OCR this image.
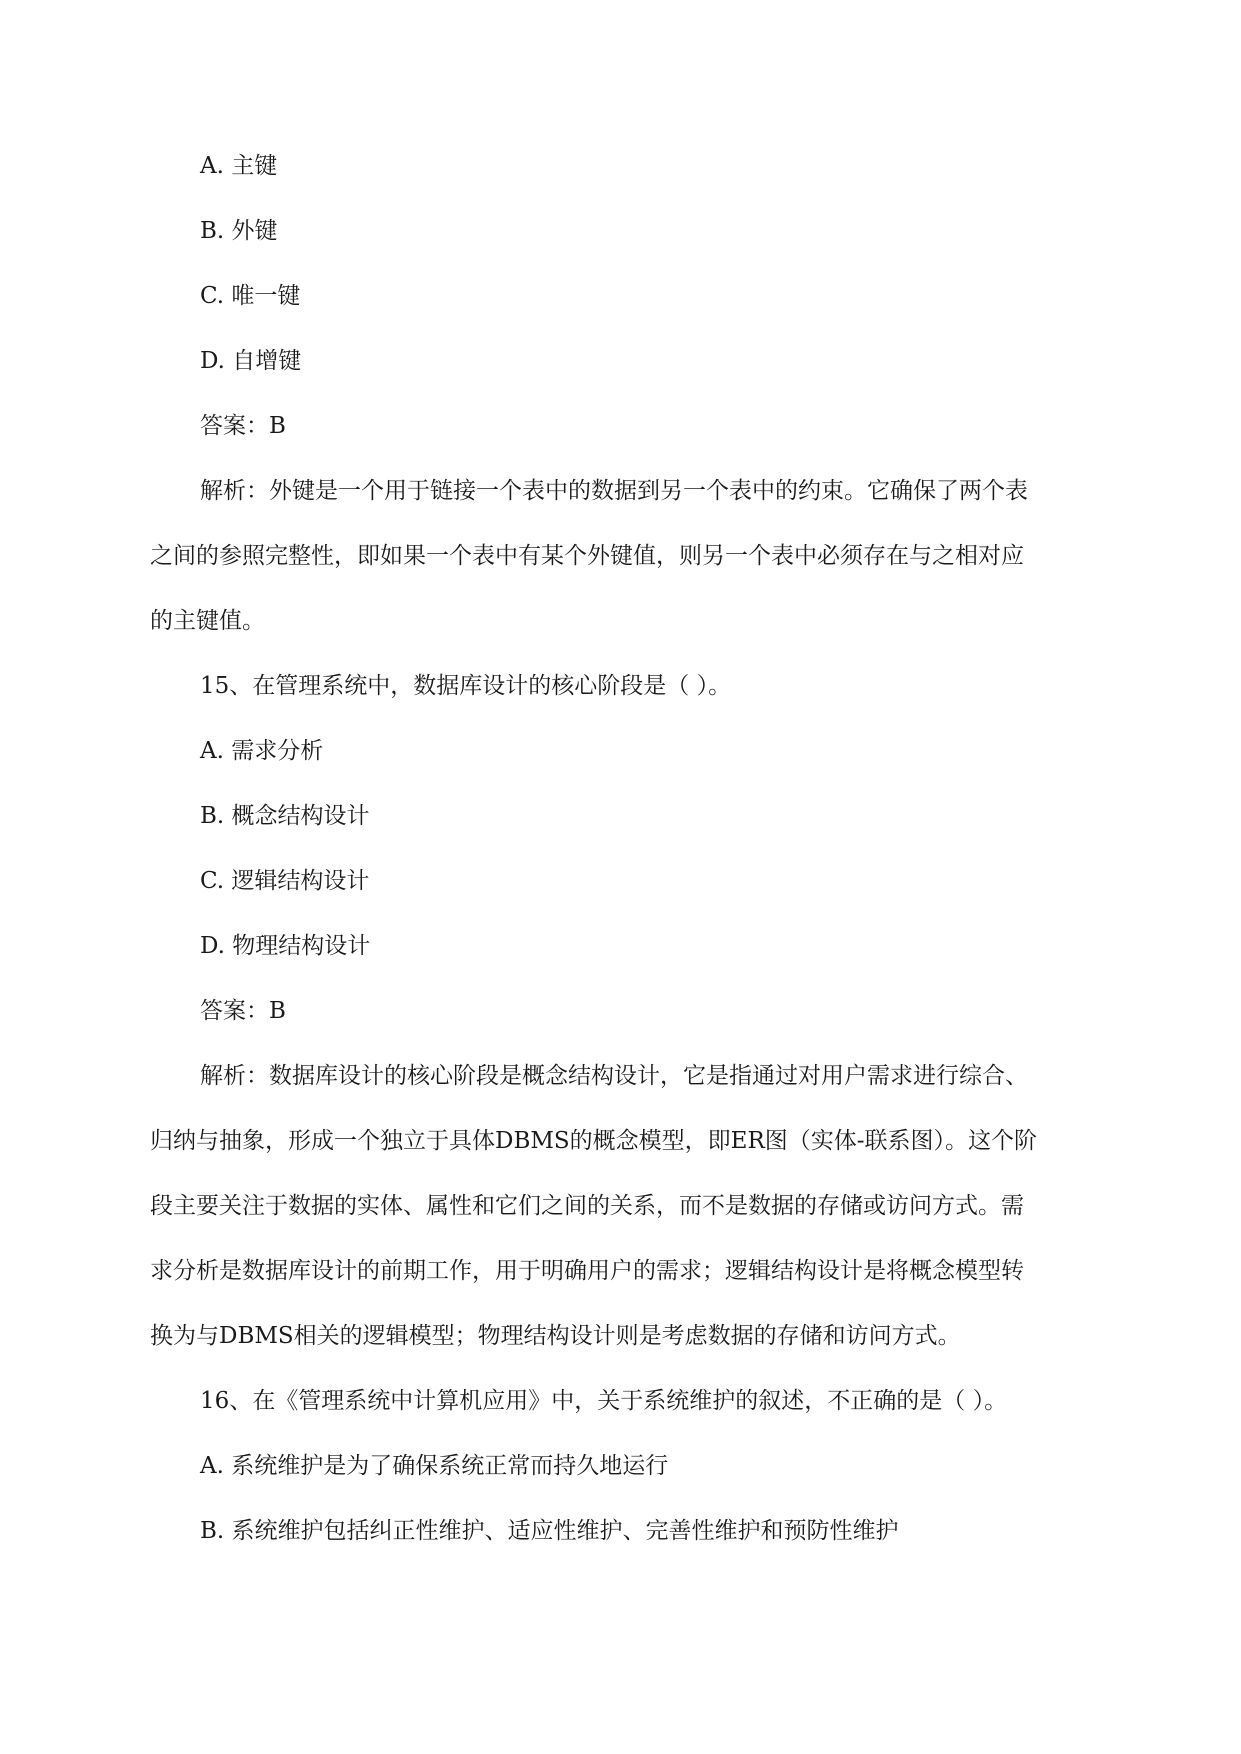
A. 主键
B. 外键
C. 唯一键
D. 自增键
答案：B
解析：外键是一个用于链接一个表中的数据到另一个表中的约束。它确保了两个表
之间的参照完整性，即如果一个表中有某个外键值，则另一个表中必须存在与之相对应
的主键值。
15、在管理系统中，数据库设计的核心阶段是（ ）。
A. 需求分析
B. 概念结构设计
C. 逻辑结构设计
D. 物理结构设计
答案：B
解析：数据库设计的核心阶段是概念结构设计，它是指通过对用户需求进行综合、
归纳与抽象，形成一个独立于具体DBMS的概念模型，即ER图（实体-联系图）。这个阶
段主要关注于数据的实体、属性和它们之间的关系，而不是数据的存储或访问方式。需
求分析是数据库设计的前期工作，用于明确用户的需求；逻辑结构设计是将概念模型转
换为与DBMS相关的逻辑模型；物理结构设计则是考虑数据的存储和访问方式。
16、在《管理系统中计算机应用》中，关于系统维护的叙述，不正确的是（ ）。
A. 系统维护是为了确保系统正常而持久地运行
B. 系统维护包括纠正性维护、适应性维护、完善性维护和预防性维护
